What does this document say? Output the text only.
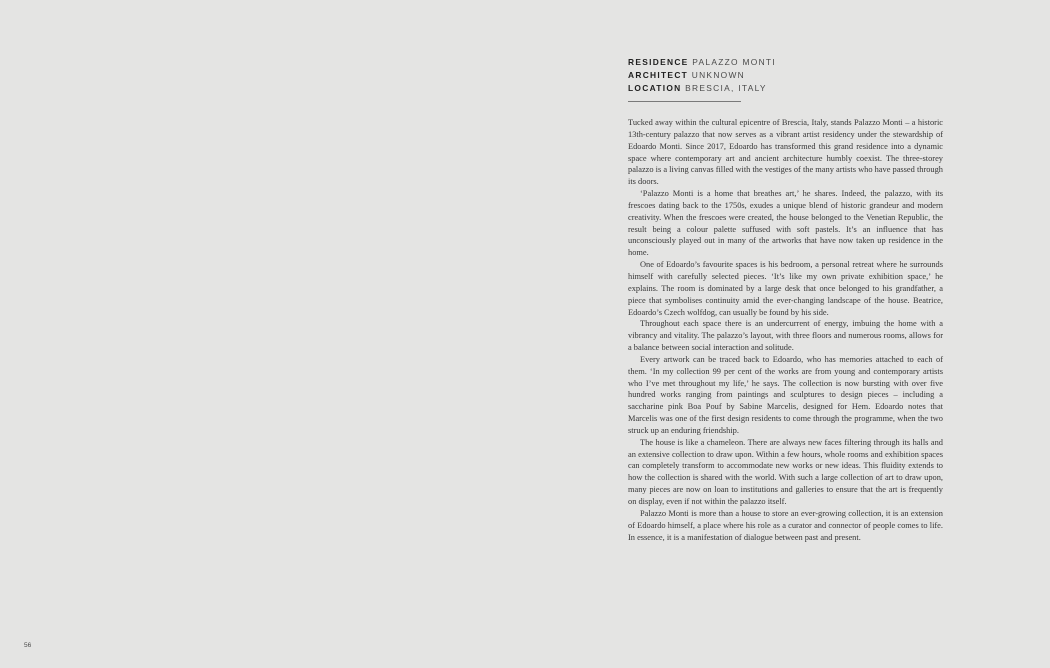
RESIDENCE PALAZZO MONTI
ARCHITECT UNKNOWN
LOCATION BRESCIA, ITALY

Tucked away within the cultural epicentre of Brescia, Italy, stands Palazzo Monti – a historic 13th-century palazzo that now serves as a vibrant artist residency under the stewardship of Edoardo Monti. Since 2017, Edoardo has transformed this grand residence into a dynamic space where contemporary art and ancient architecture humbly coexist. The three-storey palazzo is a living canvas filled with the vestiges of the many artists who have passed through its doors.

‘Palazzo Monti is a home that breathes art,’ he shares. Indeed, the palazzo, with its frescoes dating back to the 1750s, exudes a unique blend of historic grandeur and modern creativity. When the frescoes were created, the house belonged to the Venetian Republic, the result being a colour palette suffused with soft pastels. It’s an influence that has unconsciously played out in many of the artworks that have now taken up residence in the home.

One of Edoardo’s favourite spaces is his bedroom, a personal retreat where he surrounds himself with carefully selected pieces. ‘It’s like my own private exhibition space,’ he explains. The room is dominated by a large desk that once belonged to his grandfather, a piece that symbolises continuity amid the ever-changing landscape of the house. Beatrice, Edoardo’s Czech wolfdog, can usually be found by his side.

Throughout each space there is an undercurrent of energy, imbuing the home with a vibrancy and vitality. The palazzo’s layout, with three floors and numerous rooms, allows for a balance between social interaction and solitude.

Every artwork can be traced back to Edoardo, who has memories attached to each of them. ‘In my collection 99 per cent of the works are from young and contemporary artists who I’ve met throughout my life,’ he says. The collection is now bursting with over five hundred works ranging from paintings and sculptures to design pieces – including a saccharine pink Boa Pouf by Sabine Marcelis, designed for Hem. Edoardo notes that Marcelis was one of the first design residents to come through the programme, when the two struck up an enduring friendship.

The house is like a chameleon. There are always new faces filtering through its halls and an extensive collection to draw upon. Within a few hours, whole rooms and exhibition spaces can completely transform to accommodate new works or new ideas. This fluidity extends to how the collection is shared with the world. With such a large collection of art to draw upon, many pieces are now on loan to institutions and galleries to ensure that the art is frequently on display, even if not within the palazzo itself.

Palazzo Monti is more than a house to store an ever-growing collection, it is an extension of Edoardo himself, a place where his role as a curator and connector of people comes to life. In essence, it is a manifestation of dialogue between past and present.

56
